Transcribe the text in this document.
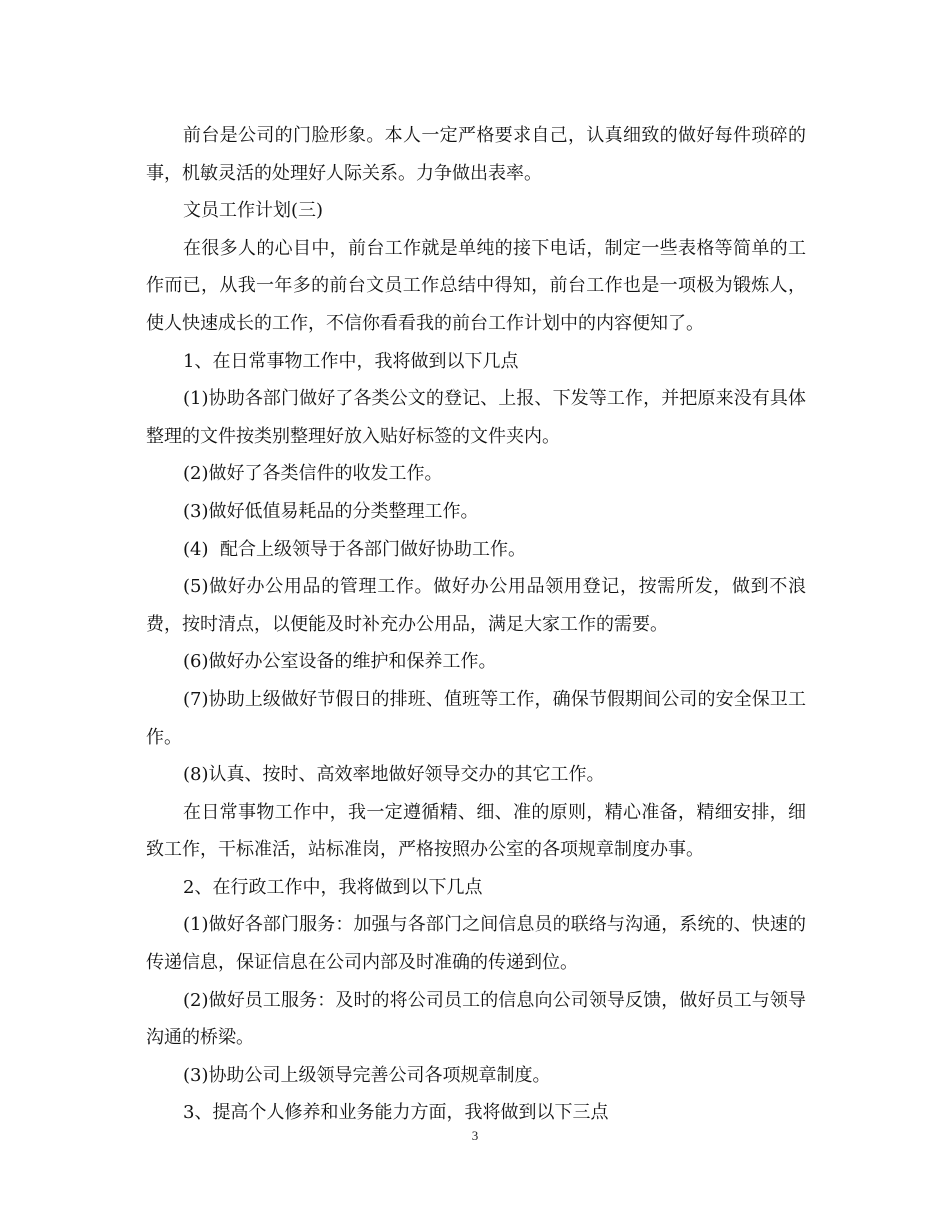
前台是公司的门脸形象。本人一定严格要求自己，认真细致的做好每件琐碎的事，机敏灵活的处理好人际关系。力争做出表率。

文员工作计划(三)

在很多人的心目中，前台工作就是单纯的接下电话，制定一些表格等简单的工作而已，从我一年多的前台文员工作总结中得知，前台工作也是一项极为锻炼人，使人快速成长的工作，不信你看看我的前台工作计划中的内容便知了。

1、在日常事物工作中，我将做到以下几点

(1)协助各部门做好了各类公文的登记、上报、下发等工作，并把原来没有具体整理的文件按类别整理好放入贴好标签的文件夹内。

(2)做好了各类信件的收发工作。

(3)做好低值易耗品的分类整理工作。

(4)  配合上级领导于各部门做好协助工作。

(5)做好办公用品的管理工作。做好办公用品领用登记，按需所发，做到不浪费，按时清点，以便能及时补充办公用品，满足大家工作的需要。

(6)做好办公室设备的维护和保养工作。

(7)协助上级做好节假日的排班、值班等工作，确保节假期间公司的安全保卫工作。

(8)认真、按时、高效率地做好领导交办的其它工作。

在日常事物工作中，我一定遵循精、细、准的原则，精心准备，精细安排，细致工作，干标准活，站标准岗，严格按照办公室的各项规章制度办事。

2、在行政工作中，我将做到以下几点

(1)做好各部门服务：加强与各部门之间信息员的联络与沟通，系统的、快速的传递信息，保证信息在公司内部及时准确的传递到位。

(2)做好员工服务：及时的将公司员工的信息向公司领导反馈，做好员工与领导沟通的桥梁。

(3)协助公司上级领导完善公司各项规章制度。

3、提高个人修养和业务能力方面，我将做到以下三点

3
